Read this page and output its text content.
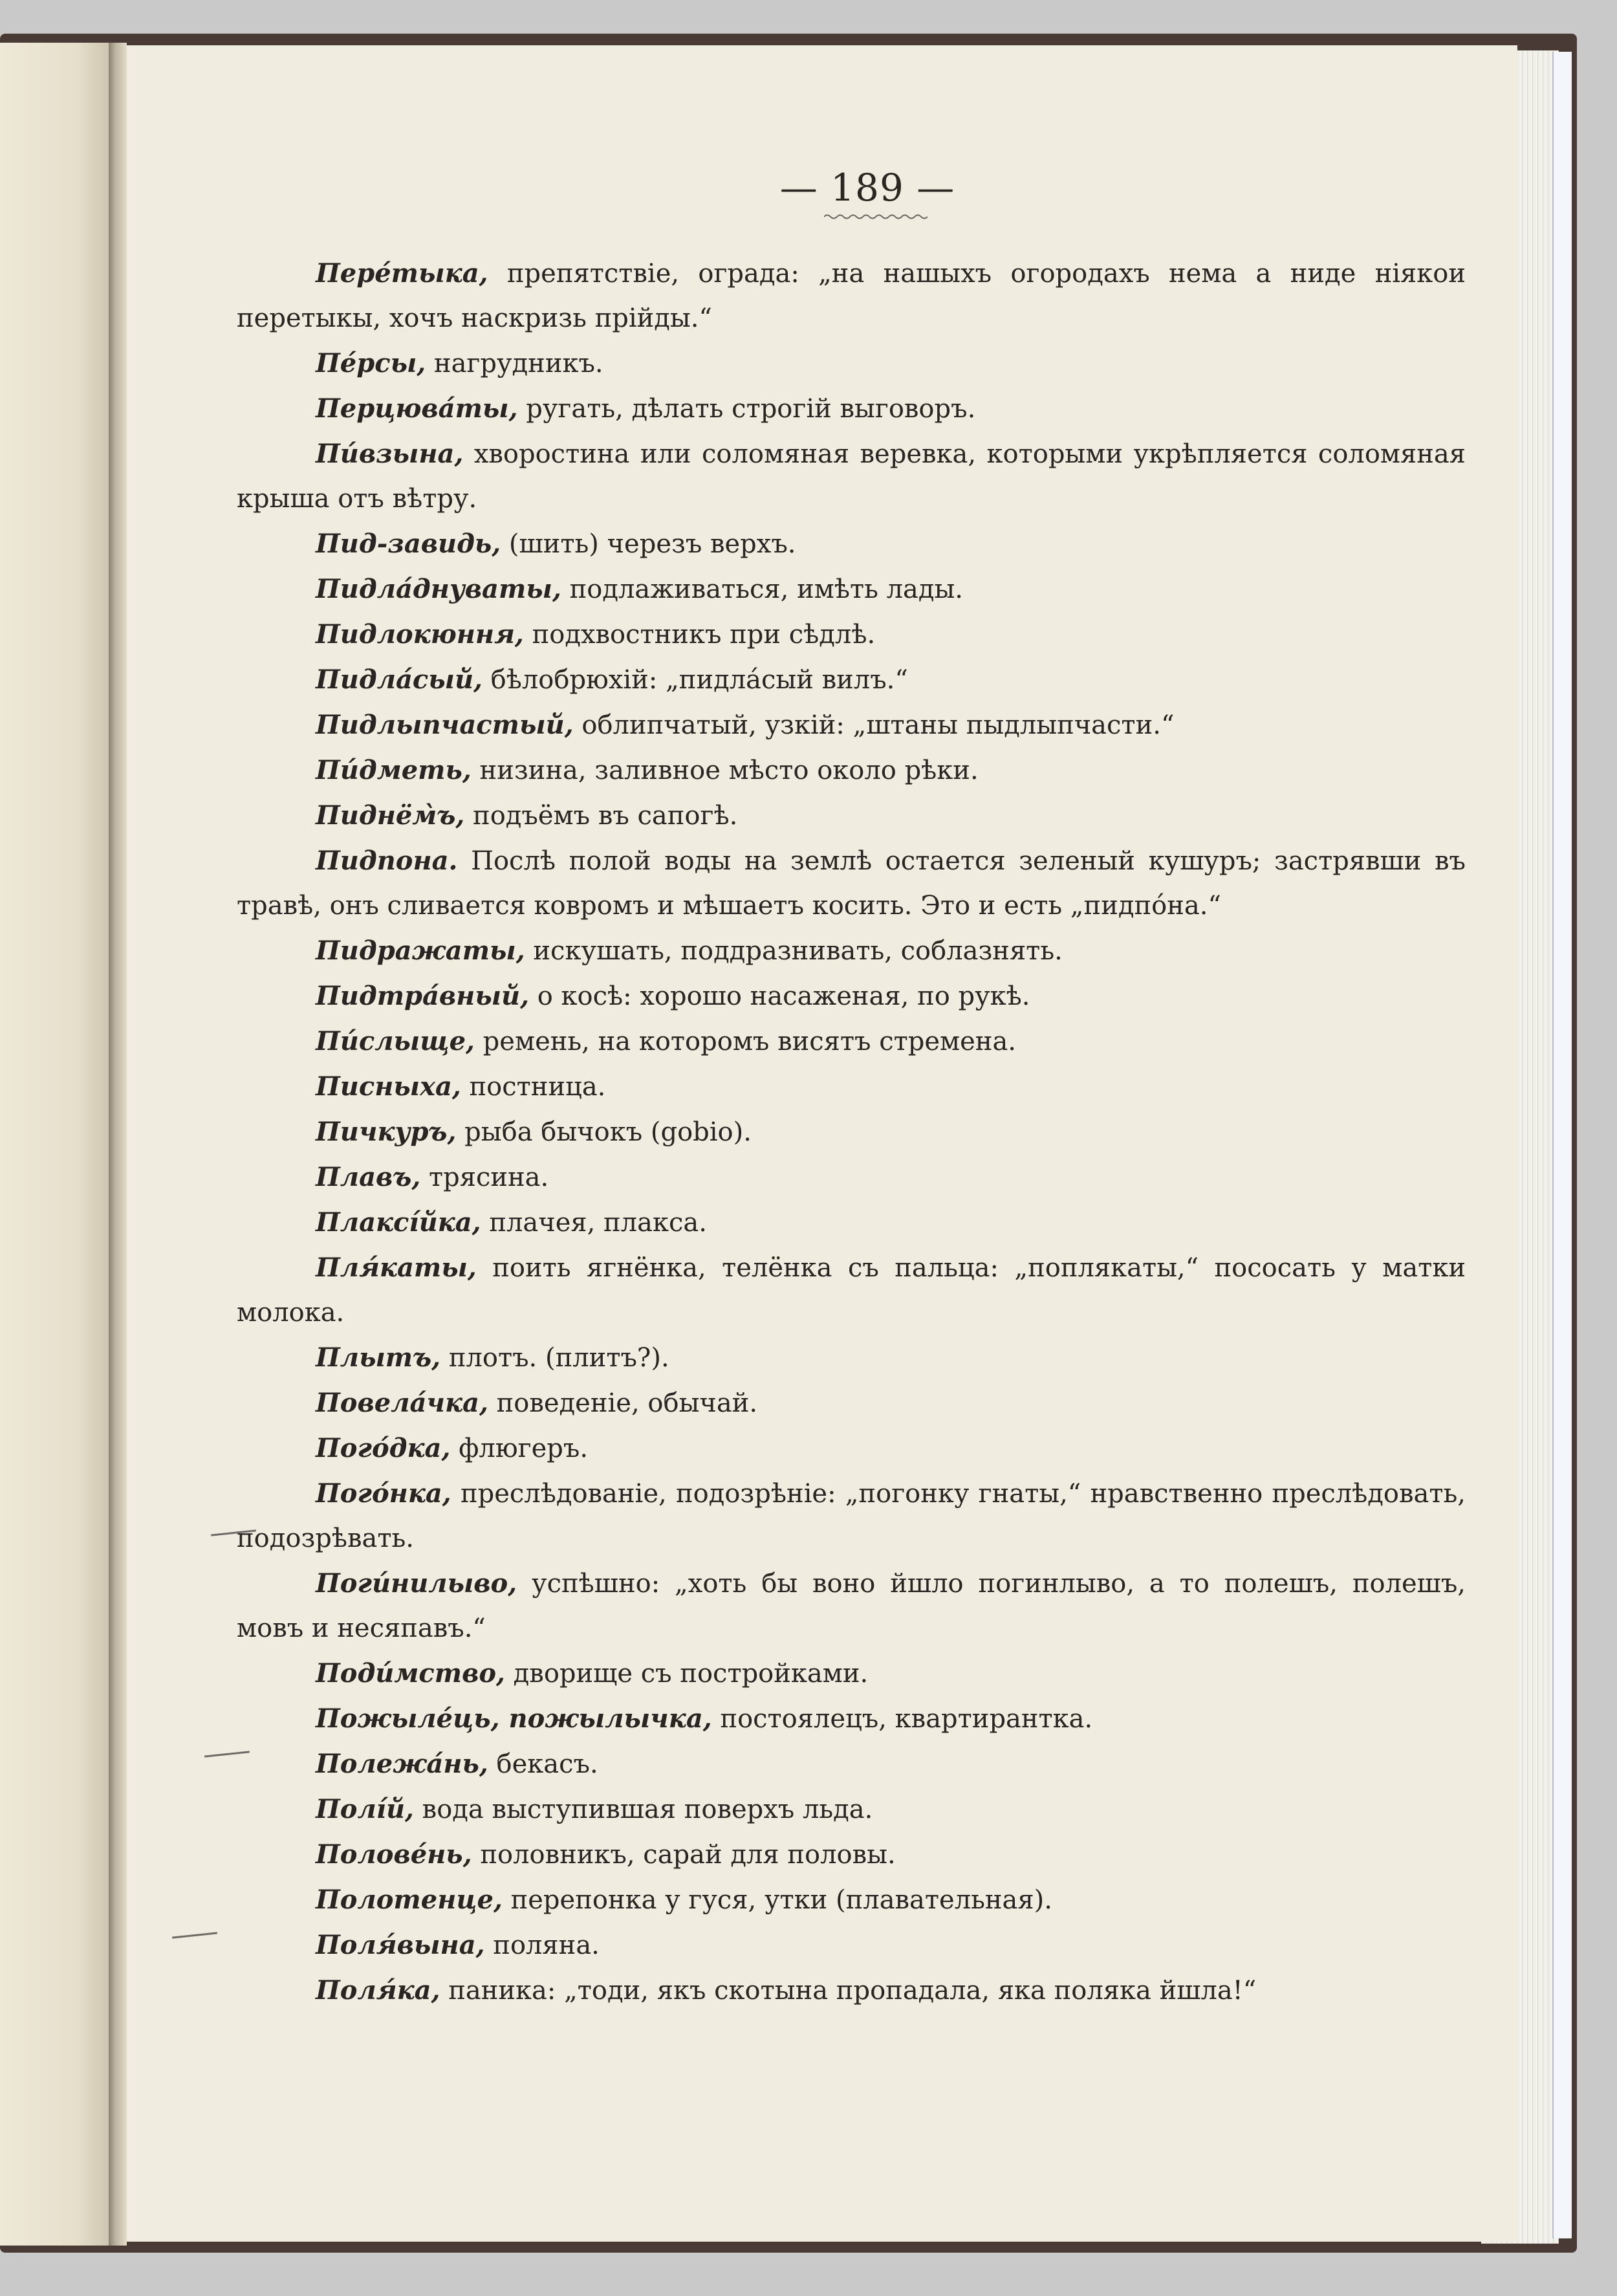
— 189 —

Пере́тыка, препятствіе, ограда: „на нашыхъ огородахъ нема а ниде ніякои перетыкы, хочъ наскризь прійды.“

Пе́рсы, нагрудникъ.

Перцюва́ты, ругать, дѣлать строгій выговоръ.

Пи́взына, хворостина или соломяная веревка, которыми укрѣпляется соломяная крыша отъ вѣтру.

Пид-завидь, (шить) черезъ верхъ.

Пидла́днуваты, подлаживаться, имѣть лады.

Пидлокюння, подхвостникъ при сѣдлѣ.

Пидла́сый, бѣлобрюхій: „пидла́сый вилъ.“

Пидлыпчастый, облипчатый, узкій: „штаны пыдлыпчасти.“

Пи́дметь, низина, заливное мѣсто около рѣки.

Пиднём̀ъ, подъёмъ въ сапогѣ.

Пидпона. Послѣ полой воды на землѣ остается зеленый кушуръ; застрявши въ травѣ, онъ сливается ковромъ и мѣшаетъ косить. Это и есть „пидпо́на.“

Пидражаты, искушать, поддразнивать, соблазнять.

Пидтра́вный, о косѣ: хорошо насаженая, по рукѣ.

Пи́слыще, ремень, на которомъ висятъ стремена.

Писныха, постница.

Пичкуръ, рыба бычокъ (gobio).

Плавъ, трясина.

Плаксі́йка, плачея, плакса.

Пля́каты, поить ягнёнка, телёнка съ пальца: „поплякаты,“ пососать у матки молока.

Плытъ, плотъ. (плитъ?).

Повела́чка, поведеніе, обычай.

Пого́дка, флюгеръ.

Пого́нка, преслѣдованіе, подозрѣніе: „погонку гнаты,“ нравственно преслѣдовать, подозрѣвать.

Поги́нилыво, успѣшно: „хоть бы воно йшло погинлыво, а то полешъ, полешъ, мовъ и несяпавъ.“

Поди́мство, дворище съ постройками.

Пожылéць, пожылычка, постоялецъ, квартирантка.

Полежа́нь, бекасъ.

Полі́й, вода выступившая поверхъ льда.

Полове́нь, половникъ, сарай для половы.

Полотенце, перепонка у гуся, утки (плавательная).

Поля́вына, поляна.

Поля́ка, паника: „тоди, якъ скотына пропадала, яка поляка йшла!“
